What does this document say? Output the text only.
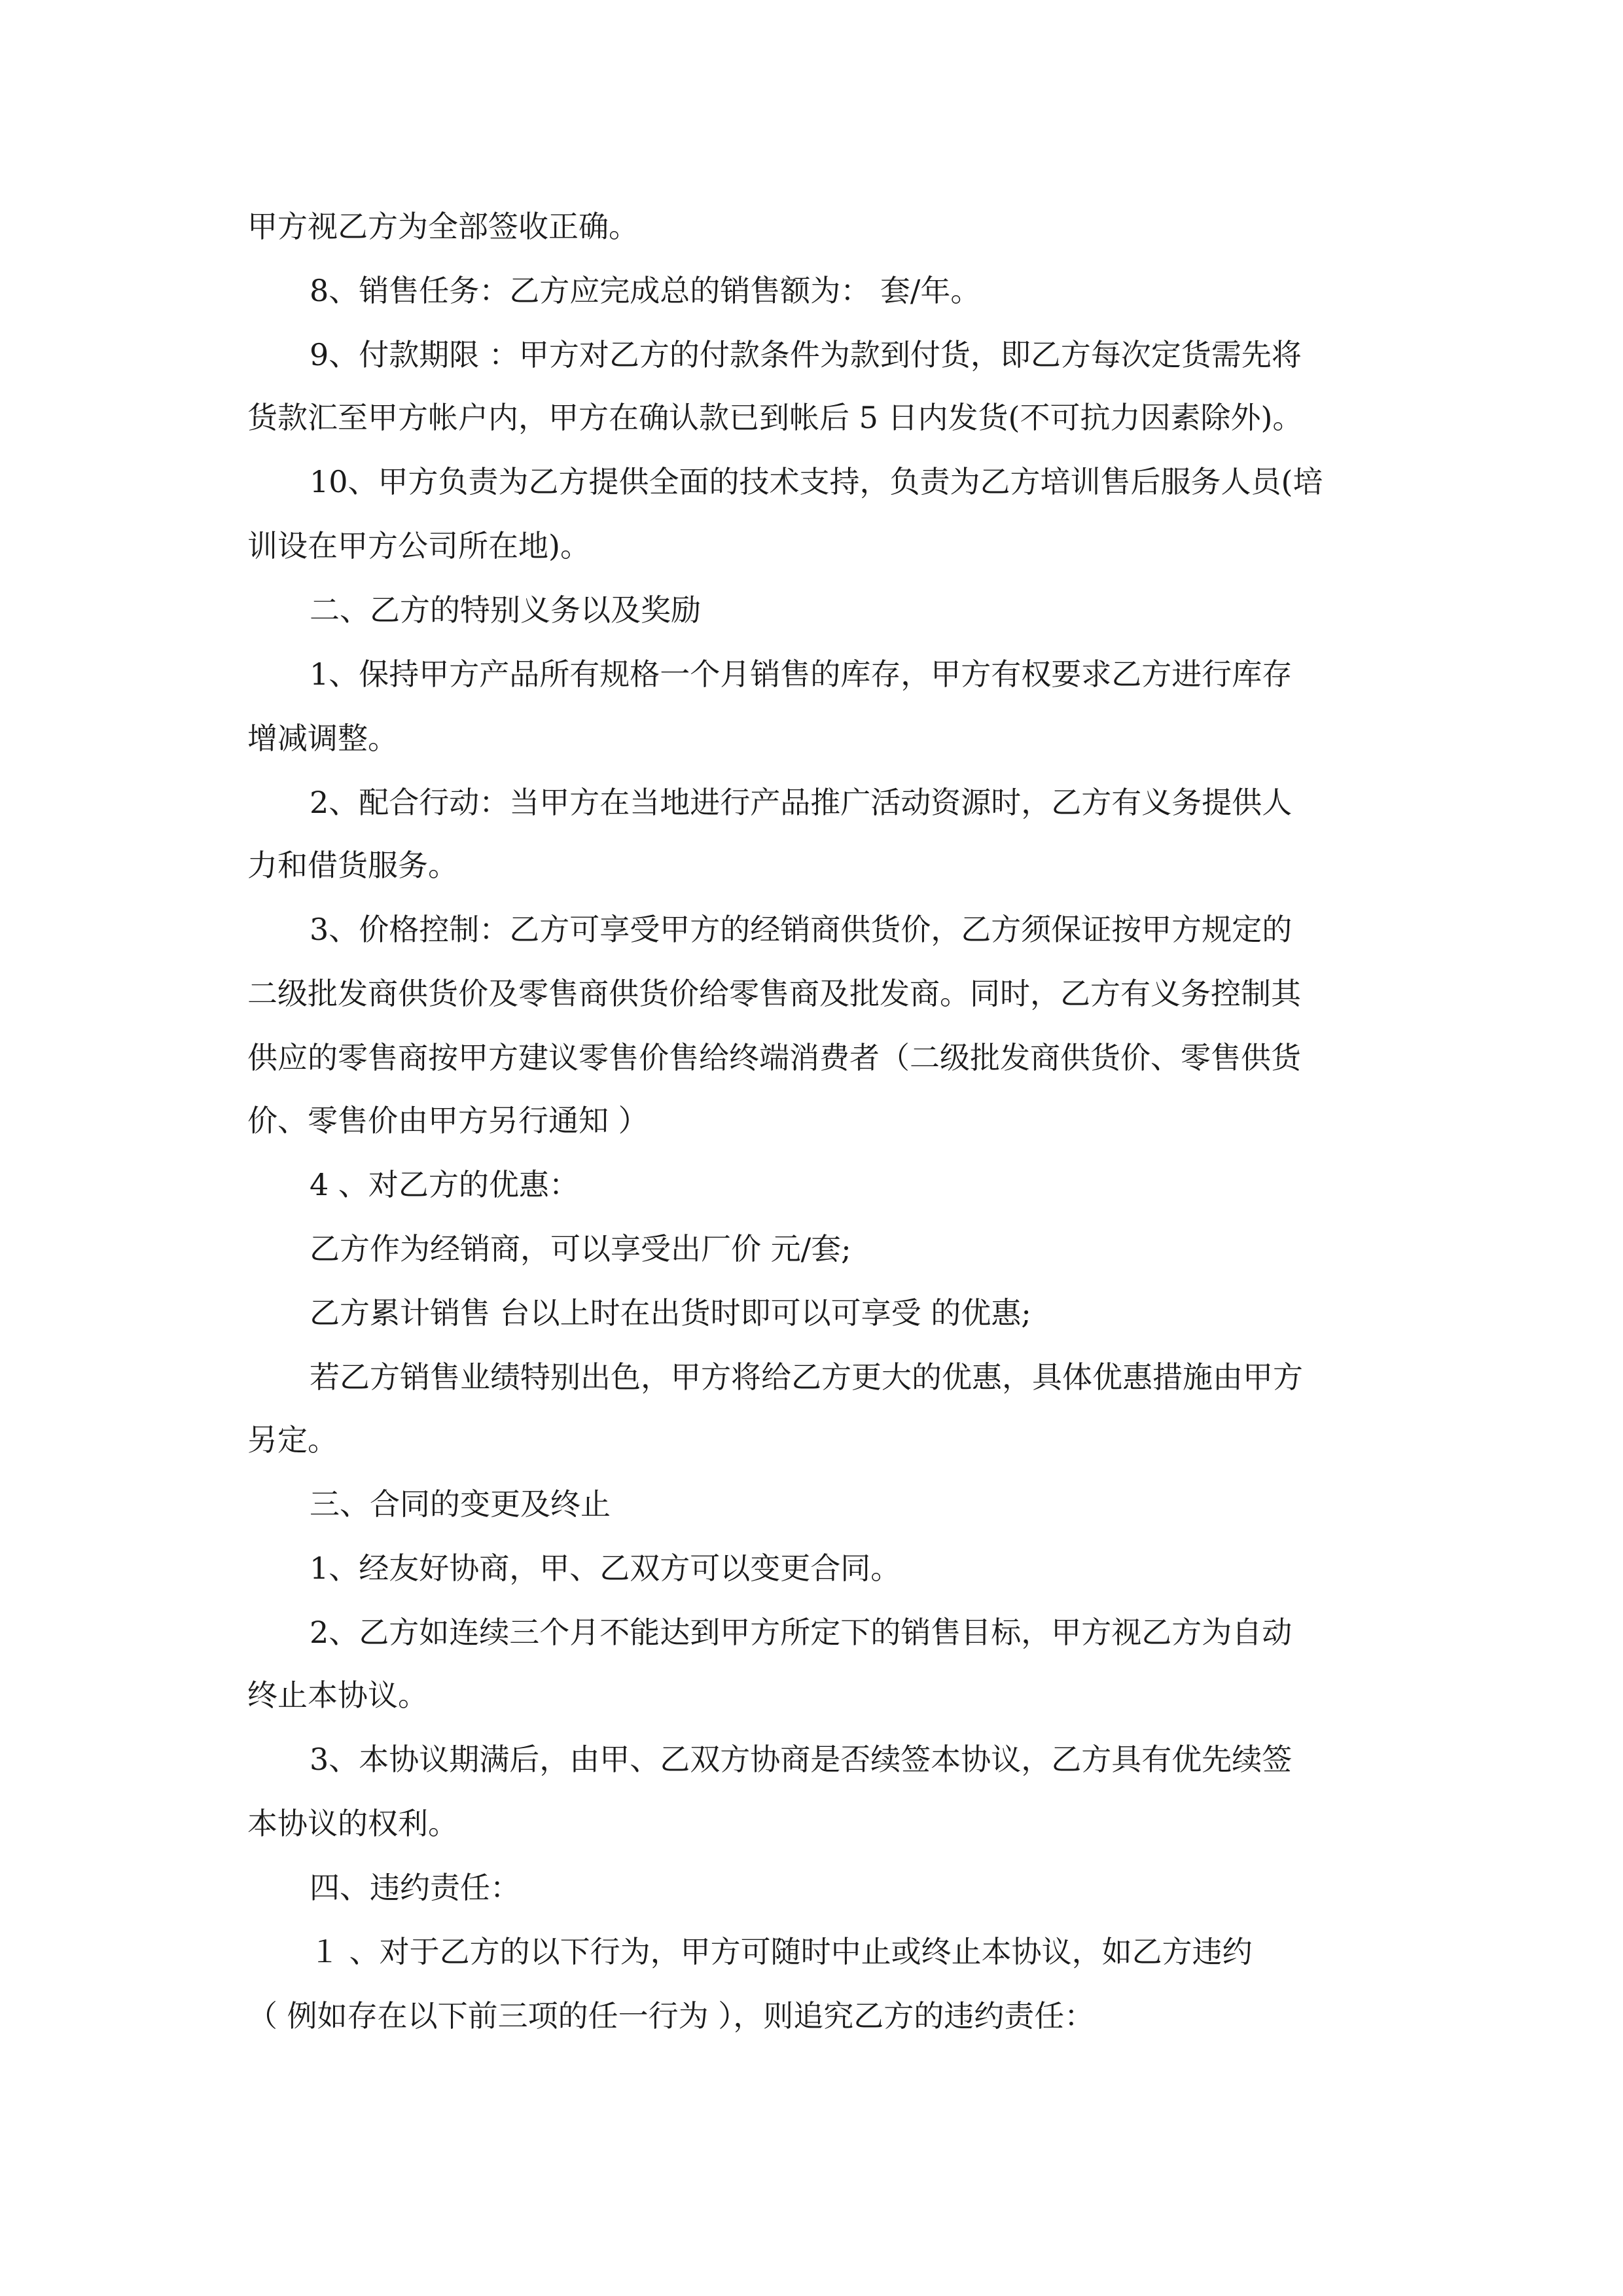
甲方视乙方为全部签收正确。
8、销售任务：乙方应完成总的销售额为： 套/年。
9、付款期限 ：甲方对乙方的付款条件为款到付货，即乙方每次定货需先将
货款汇至甲方帐户内，甲方在确认款已到帐后 5 日内发货(不可抗力因素除外)。
10、甲方负责为乙方提供全面的技术支持，负责为乙方培训售后服务人员(培
训设在甲方公司所在地)。
二、乙方的特别义务以及奖励
1、保持甲方产品所有规格一个月销售的库存，甲方有权要求乙方进行库存
增减调整。
2、配合行动：当甲方在当地进行产品推广活动资源时，乙方有义务提供人
力和借货服务。
3、价格控制：乙方可享受甲方的经销商供货价，乙方须保证按甲方规定的
二级批发商供货价及零售商供货价给零售商及批发商。同时，乙方有义务控制其
供应的零售商按甲方建议零售价售给终端消费者（二级批发商供货价、零售供货
价、零售价由甲方另行通知 ）
4 、对乙方的优惠：
乙方作为经销商，可以享受出厂价 元/套;
乙方累计销售 台以上时在出货时即可以可享受 的优惠;
若乙方销售业绩特别出色，甲方将给乙方更大的优惠，具体优惠措施由甲方
另定。
三、合同的变更及终止
1、经友好协商，甲、乙双方可以变更合同。
2、乙方如连续三个月不能达到甲方所定下的销售目标，甲方视乙方为自动
终止本协议。
3、本协议期满后，由甲、乙双方协商是否续签本协议，乙方具有优先续签
本协议的权利。
四、违约责任：
１ 、对于乙方的以下行为，甲方可随时中止或终止本协议，如乙方违约
（ 例如存在以下前三项的任一行为 ），则追究乙方的违约责任：
